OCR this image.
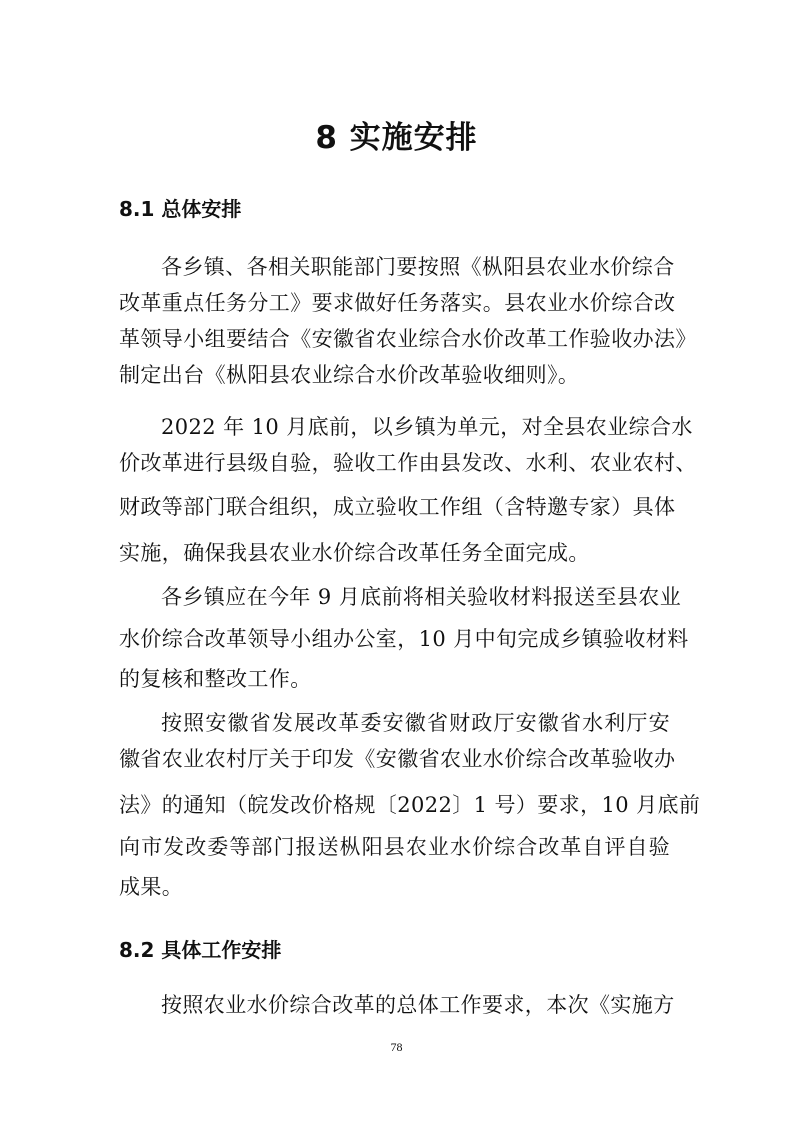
8 实施安排
8.1 总体安排

各乡镇、各相关职能部门要按照《枞阳县农业水价综合

改革重点任务分工》要求做好任务落实。县农业水价综合改

革领导小组要结合《安徽省农业综合水价改革工作验收办法》

制定出台《枞阳县农业综合水价改革验收细则》。

2022 年 10 月底前，以乡镇为单元，对全县农业综合水

价改革进行县级自验，验收工作由县发改、水利、农业农村、

财政等部门联合组织，成立验收工作组（含特邀专家）具体

实施，确保我县农业水价综合改革任务全面完成。

各乡镇应在今年 9 月底前将相关验收材料报送至县农业

水价综合改革领导小组办公室，10 月中旬完成乡镇验收材料

的复核和整改工作。

按照安徽省发展改革委安徽省财政厅安徽省水利厅安

徽省农业农村厅关于印发《安徽省农业水价综合改革验收办

法》的通知（皖发改价格规〔2022〕1 号）要求，10 月底前

向市发改委等部门报送枞阳县农业水价综合改革自评自验

成果。

8.2 具体工作安排

按照农业水价综合改革的总体工作要求，本次《实施方

78
